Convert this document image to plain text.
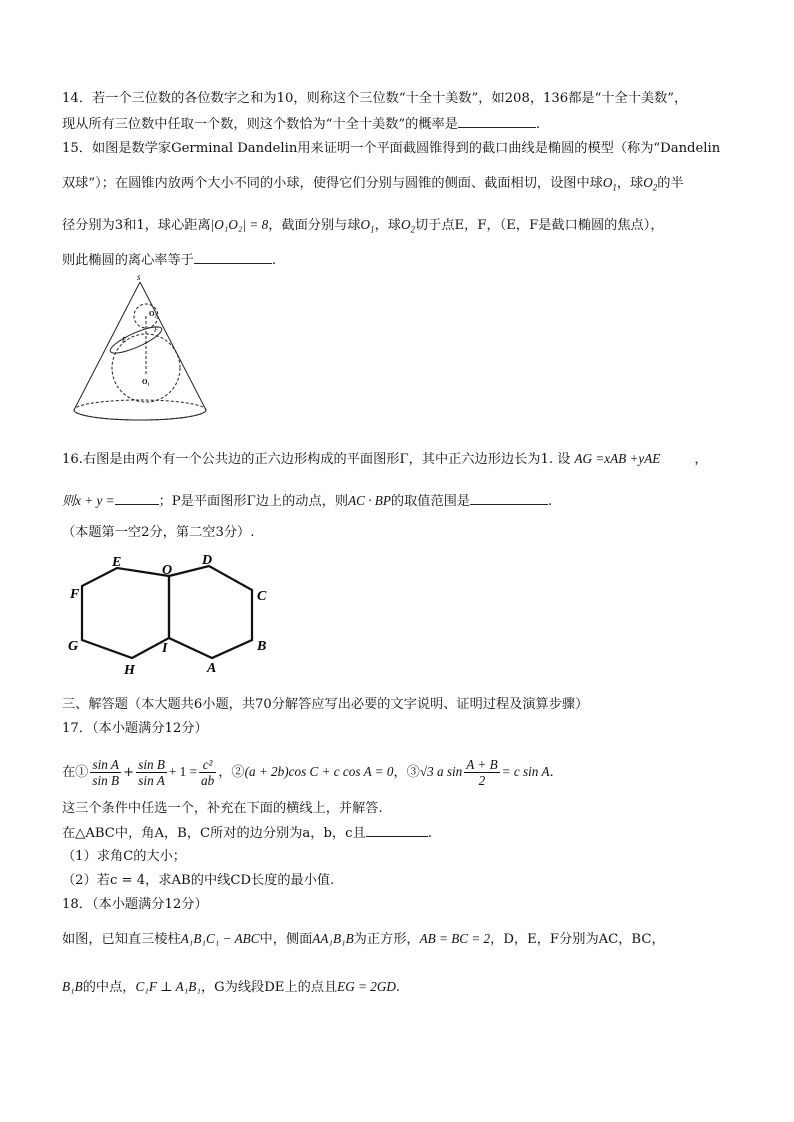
14．若一个三位数的各位数字之和为10，则称这个三位数“十全十美数”，如208，136都是“十全十美数”，
现从所有三位数中任取一个数，则这个数恰为“十全十美数”的概率是	.
15．如图是数学家Germinal Dandelin用来证明一个平面截圆锥得到的截口曲线是椭圆的模型（称为“Dandelin
双球”）；在圆锥内放两个大小不同的小球，使得它们分别与圆锥的侧面、截面相切，设图中球$O_1$，球$O_2$的半
径分别为3和1，球心距离|O₁O₂| = 8，截面分别与球$O_1$，球$O_2$切于点E，F，（E，F是截口椭圆的焦点），
则此椭圆的离心率等于	.
s
O₂
F
E
O₁
16.右图是由两个有一个公共边的正六边形构成的平面图形Γ，其中正六边形边长为1. 设 AG =xAB +yAE	，
则x + y =	；P是平面图形Γ边上的动点，则AC · BP的取值范围是	.
（本题第一空2分，第二空3分）.
E
O
D
F	C
G	I	B
H	A
三、解答题（本大题共6小题，共70分解答应写出必要的文字说明、证明过程及演算步骤）
17．（本小题满分12分）
在① $\frac{\text{sin A}}{\text{sin B}} + \frac{\text{sin B}}{\text{sin A}} + 1 = \frac{\text{c²}}{ab}$ ，②(a + 2b)cos C + c cos A = 0，③√3 a $\sin \frac{A + B}{2} = c$ sin A.
这三个条件中任选一个，补充在下面的横线上，并解答.
在△ABC中，角A，B，C所对的边分别为a，b，c且	.
（1）求角C的大小；
（2）若c = 4，求AB的中线CD长度的最小值.
18．（本小题满分12分）
如图，已知直三棱柱A₁B₁C₁ − ABC中，侧面AA₁B₁B为正方形，AB = BC = 2，D，E，F分别为AC，BC，
B₁B的中点，C₁F ⊥ A₁B₁，G为线段DE上的点且EG = 2GD.
